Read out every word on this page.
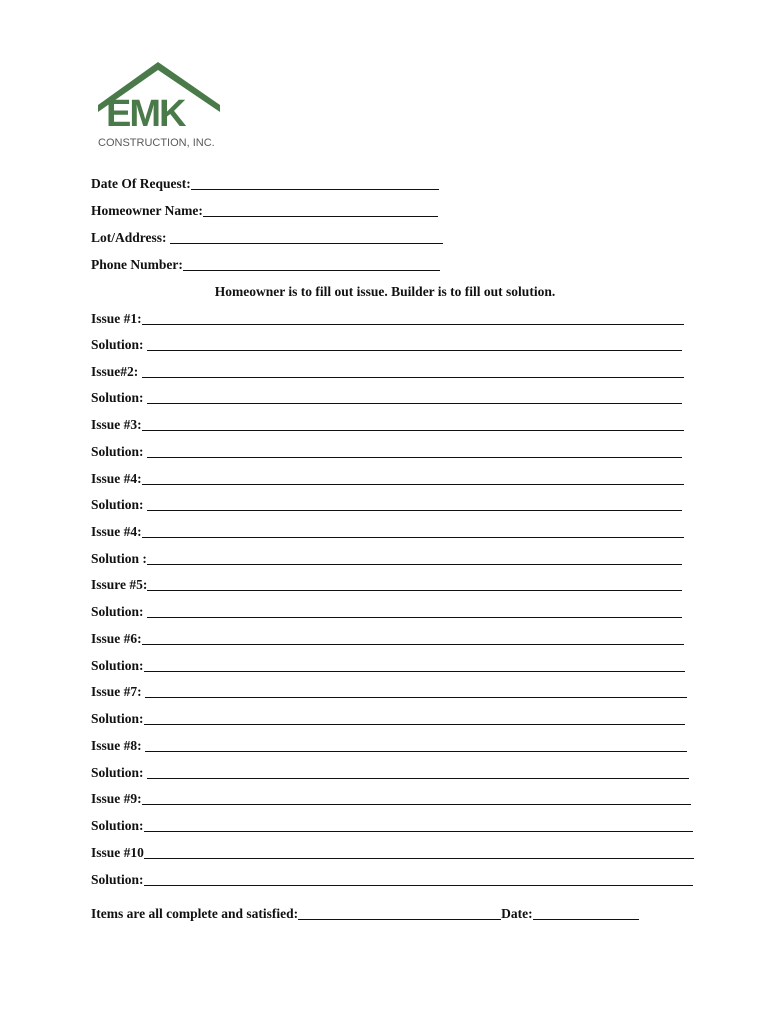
EMK
CONSTRUCTION, INC.
Date Of Request:
Homeowner Name:
Lot/Address:
Phone Number:
Homeowner is to fill out issue. Builder is to fill out solution.
Issue #1:
Solution:
Issue#2:
Solution:
Issue #3:
Solution:
Issue #4:
Solution:
Issue #4:
Solution :
Issure #5:
Solution:
Issue #6:
Solution:
Issue #7:
Solution:
Issue #8:
Solution:
Issue #9:
Solution:
Issue #10
Solution:
Items are all complete and satisfied:	Date:
